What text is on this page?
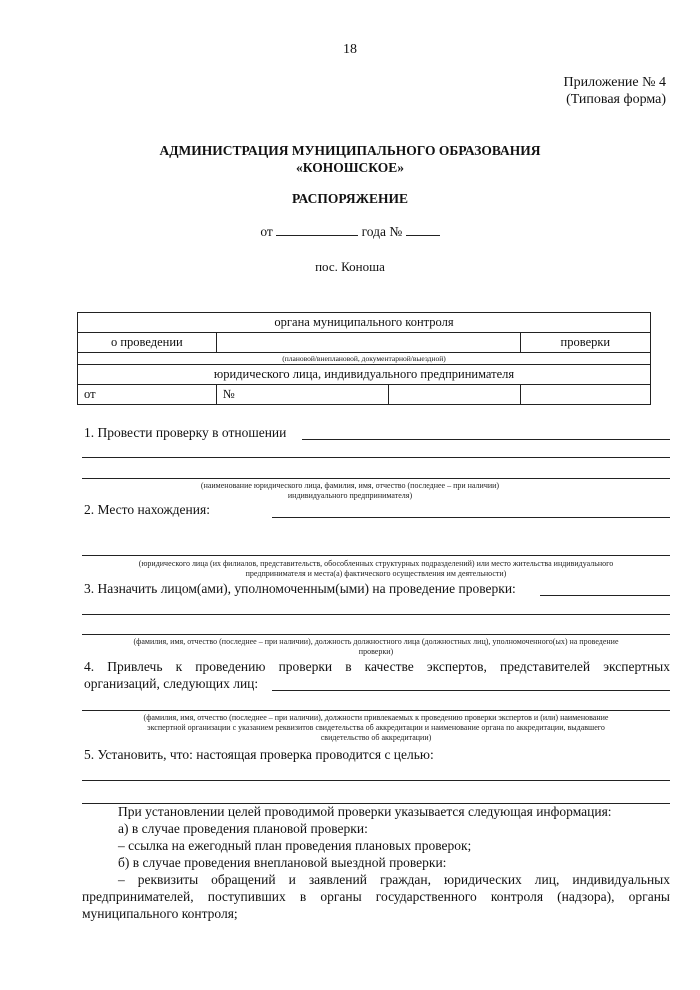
18
Приложение № 4
(Типовая форма)
АДМИНИСТРАЦИЯ МУНИЦИПАЛЬНОГО ОБРАЗОВАНИЯ
«КОНОШСКОЕ»
РАСПОРЯЖЕНИЕ
от	года №
пос. Коноша
органа муниципального контроля			
о проведении			проверки
(плановой/внеплановой, документарной/выездной)			
юридического лица, индивидуального предпринимателя			
от	№		
1. Провести проверку в отношении
(наименование юридического лица, фамилия, имя, отчество (последнее – при наличии)
индивидуального предпринимателя)
2. Место нахождения:
(юридического лица (их филиалов, представительств, обособленных структурных подразделений) или место жительства индивидуального
предпринимателя и места(а) фактического осуществления им деятельности)
3. Назначить лицом(ами), уполномоченным(ыми) на проведение проверки:
(фамилия, имя, отчество (последнее – при наличии), должность должностного лица (должностных лиц), уполномоченного(ых) на проведение
проверки)
4. Привлечь к проведению проверки в качестве экспертов, представителей экспертных
организаций, следующих лиц:
(фамилия, имя, отчество (последнее – при наличии), должности привлекаемых к проведению проверки экспертов и (или) наименование
экспертной организации с указанием реквизитов свидетельства об аккредитации и наименование органа по аккредитации, выдавшего
свидетельство об аккредитации)
5. Установить, что: настоящая проверка проводится с целью:
При установлении целей проводимой проверки указывается следующая информация:
а) в случае проведения плановой проверки:
– ссылка на ежегодный план проведения плановых проверок;
б) в случае проведения внеплановой выездной проверки:
– реквизиты обращений и заявлений граждан, юридических лиц, индивидуальных предпринимателей, поступивших в органы государственного контроля (надзора), органы муниципального контроля;
